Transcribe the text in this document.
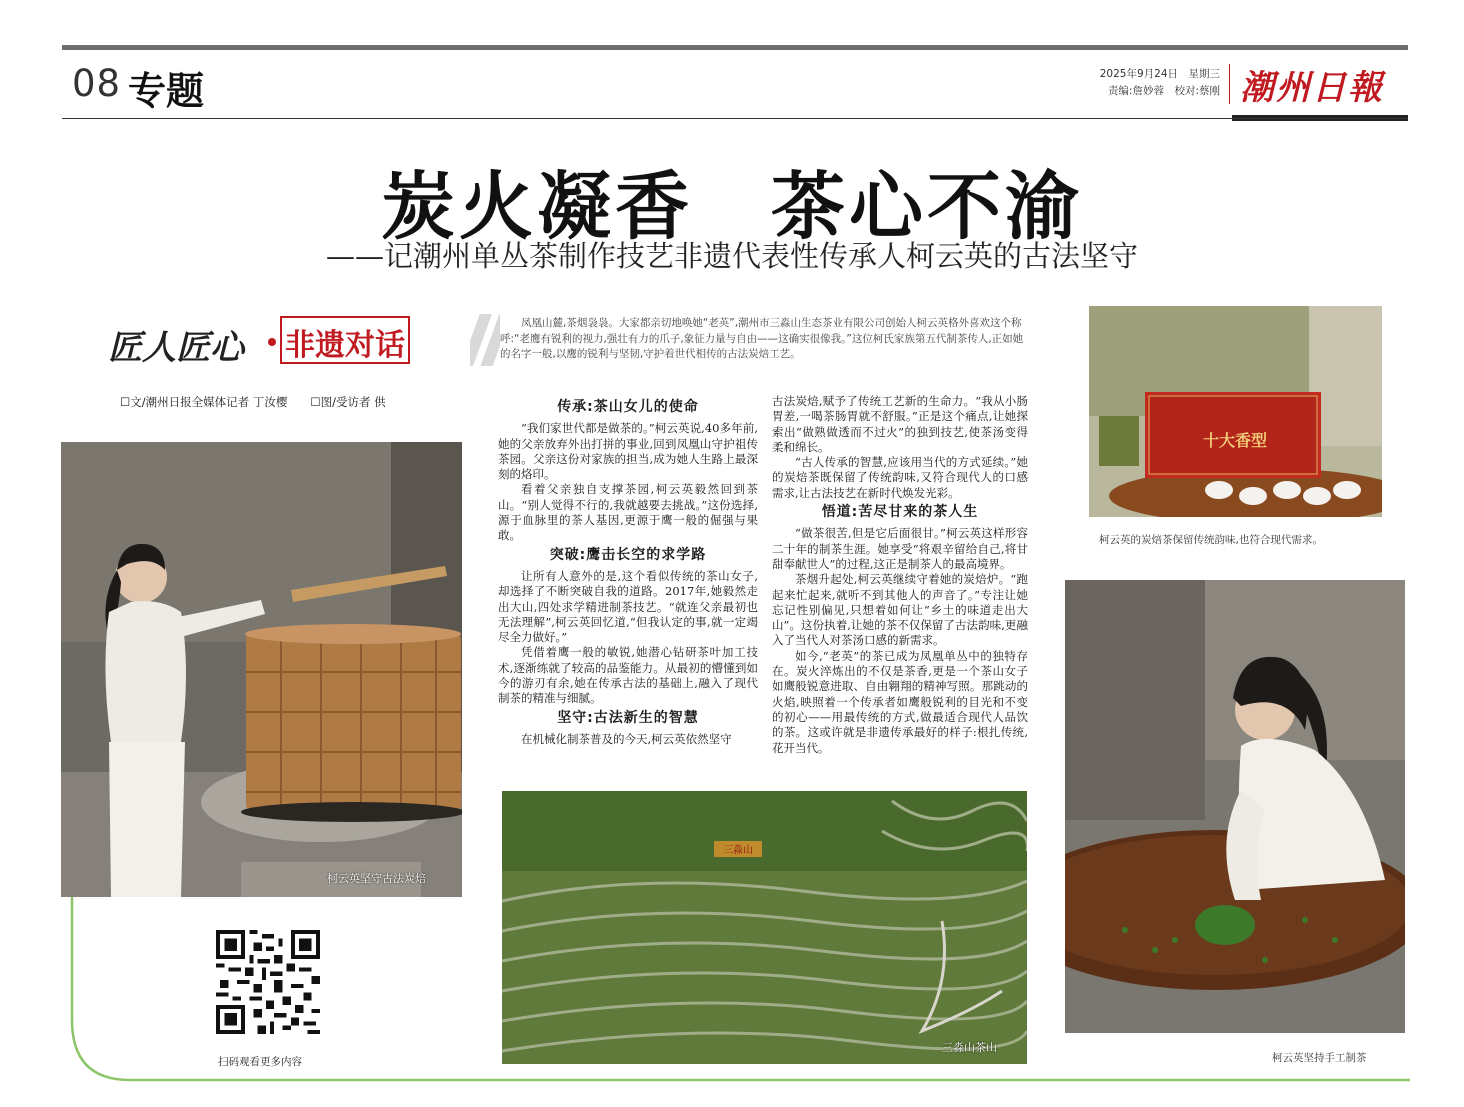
08 专题	2025年9月24日　星期三
责编:詹妙蓉　校对:蔡刚 潮州日報
炭火凝香　茶心不渝
——记潮州单丛茶制作技艺非遗代表性传承人柯云英的古法坚守
匠人匠心 非遗对话
☐文/潮州日报全媒体记者 丁汝樱　　☐图/受访者 供
凤凰山麓,茶烟袅袅。大家都亲切地唤她“老英”,潮州市三淼山生态茶业有限公司创始人柯云英格外喜欢这个称呼:“老鹰有锐利的视力,强壮有力的爪子,象征力量与自由——这确实很像我。”这位柯氏家族第五代制茶传人,正如她的名字一般,以鹰的锐利与坚韧,守护着世代相传的古法炭焙工艺。
传承:茶山女儿的使命

“我们家世代都是做茶的。”柯云英说,40多年前,她的父亲放弃外出打拼的事业,回到凤凰山守护祖传茶园。父亲这份对家族的担当,成为她人生路上最深刻的烙印。

看着父亲独自支撑茶园,柯云英毅然回到茶山。“别人觉得不行的,我就越要去挑战。”这份选择,源于血脉里的茶人基因,更源于鹰一般的倔强与果敢。

突破:鹰击长空的求学路

让所有人意外的是,这个看似传统的茶山女子,却选择了不断突破自我的道路。2017年,她毅然走出大山,四处求学精进制茶技艺。“就连父亲最初也无法理解”,柯云英回忆道,“但我认定的事,就一定竭尽全力做好。”

凭借着鹰一般的敏锐,她潜心钻研茶叶加工技术,逐渐练就了较高的品鉴能力。从最初的懵懂到如今的游刃有余,她在传承古法的基础上,融入了现代制茶的精准与细腻。

坚守:古法新生的智慧

在机械化制茶普及的今天,柯云英依然坚守

古法炭焙,赋予了传统工艺新的生命力。“我从小肠胃差,一喝茶肠胃就不舒服。”正是这个痛点,让她探索出“做熟做透而不过火”的独到技艺,使茶汤变得柔和绵长。

“古人传承的智慧,应该用当代的方式延续。”她的炭焙茶既保留了传统韵味,又符合现代人的口感需求,让古法技艺在新时代焕发光彩。

悟道:苦尽甘来的茶人生

“做茶很苦,但是它后面很甘。”柯云英这样形容二十年的制茶生涯。她享受“将艰辛留给自己,将甘甜奉献世人”的过程,这正是制茶人的最高境界。

茶烟升起处,柯云英继续守着她的炭焙炉。“跑起来忙起来,就听不到其他人的声音了。”专注让她忘记性别偏见,只想着如何让“乡土的味道走出大山”。这份执着,让她的茶不仅保留了古法韵味,更融入了当代人对茶汤口感的新需求。

如今,“老英”的茶已成为凤凰单丛中的独特存在。炭火淬炼出的不仅是茶香,更是一个茶山女子如鹰般锐意进取、自由翱翔的精神写照。那跳动的火焰,映照着一个传承者如鹰般锐利的目光和不变的初心——用最传统的方式,做最适合现代人品饮的茶。这或许就是非遗传承最好的样子:根扎传统,花开当代。

柯云英坚守古法炭焙
三淼山
三淼山茶山
十大香型
柯云英的炭焙茶保留传统韵味,也符合现代需求。
柯云英坚持手工制茶
扫码观看更多内容
